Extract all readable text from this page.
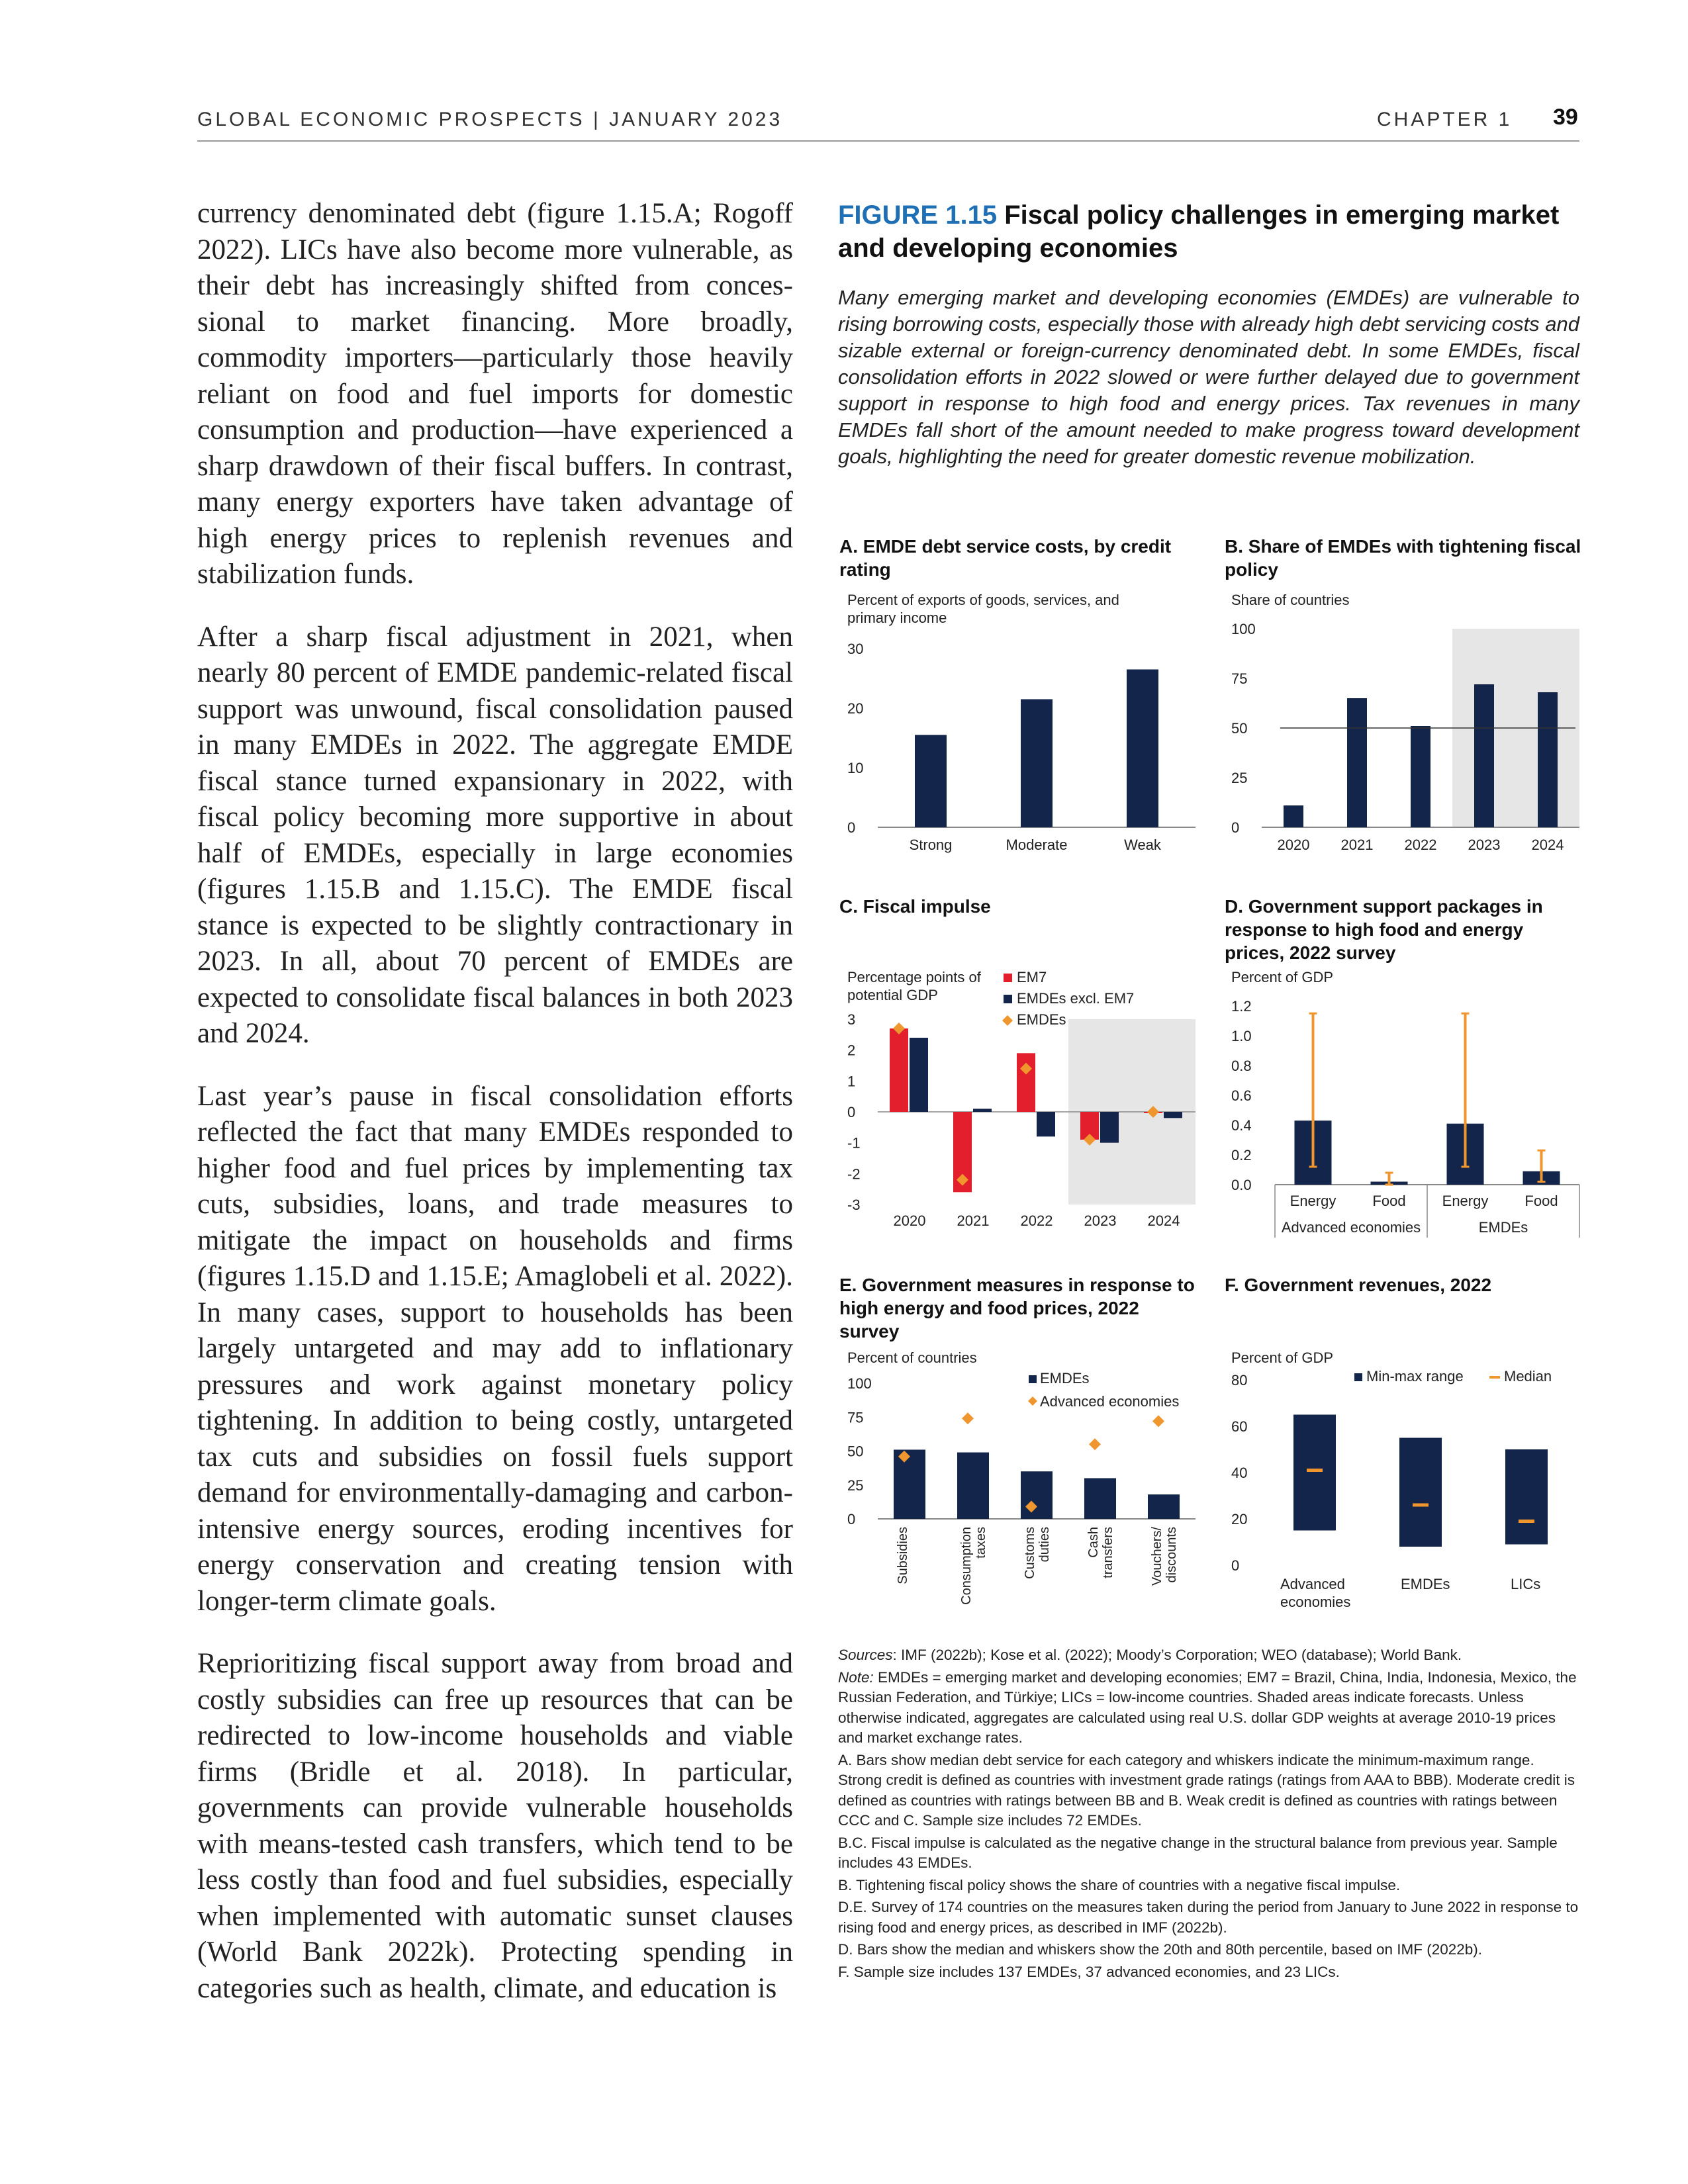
GLOBAL ECONOMIC PROSPECTS | JANUARY 2023	CHAPTER 1 39

currency denominated debt (figure 1.15.A; Rogoff 2022). LICs have also become more vulnerable, as their debt has increasingly shifted from concessional to market financing. More broadly, commodity importers—particularly those heavily reliant on food and fuel imports for domestic consumption and production—have experienced a sharp drawdown of their fiscal buffers. In contrast, many energy exporters have taken advantage of high energy prices to replenish revenues and stabilization funds.

After a sharp fiscal adjustment in 2021, when nearly 80 percent of EMDE pandemic-related fiscal support was unwound, fiscal consolidation paused in many EMDEs in 2022. The aggregate EMDE fiscal stance turned expansionary in 2022, with fiscal policy becoming more supportive in about half of EMDEs, especially in large economies (figures 1.15.B and 1.15.C). The EMDE fiscal stance is expected to be slightly contractionary in 2023. In all, about 70 percent of EMDEs are expected to consolidate fiscal balances in both 2023 and 2024.

Last year’s pause in fiscal consolidation efforts reflected the fact that many EMDEs responded to higher food and fuel prices by implementing tax cuts, subsidies, loans, and trade measures to mitigate the impact on households and firms (figures 1.15.D and 1.15.E; Amaglobeli et al. 2022). In many cases, support to households has been largely untargeted and may add to inflationary pressures and work against monetary policy tightening. In addition to being costly, untargeted tax cuts and subsidies on fossil fuels support demand for environmentally-damaging and carbon-intensive energy sources, eroding incentives for energy conservation and creating tension with longer-term climate goals.

Reprioritizing fiscal support away from broad and costly subsidies can free up resources that can be redirected to low-income households and viable firms (Bridle et al. 2018). In particular, governments can provide vulnerable households with means-tested cash transfers, which tend to be less costly than food and fuel subsidies, especially when implemented with automatic sunset clauses (World Bank 2022k). Protecting spending in categories such as health, climate, and education is

FIGURE 1.15 Fiscal policy challenges in emerging market and developing economies
Many emerging market and developing economies (EMDEs) are vulnerable to rising borrowing costs, especially those with already high debt servicing costs and sizable external or foreign-currency denominated debt. In some EMDEs, fiscal consolidation efforts in 2022 slowed or were further delayed due to government support in response to high food and energy prices. Tax revenues in many EMDEs fall short of the amount needed to make progress toward development goals, highlighting the need for greater domestic revenue mobilization.
A. EMDE debt service costs, by credit rating
B. Share of EMDEs with tightening fiscal policy
C. Fiscal impulse	D. Government support packages in response to high food and energy prices, 2022 survey
E. Government measures in response to high energy and food prices, 2022 survey
F. Government revenues, 2022
Percent of exports of goods, services, and primary income
0
10
20
30
Strong	Moderate	Weak
Share of countries
0
25
50
75
100
2020 2021 2022 2023 2024
Percentage points of potential GDP
-3
-2
-1
0
1
2
3
2020 2021 2022 2023 2024
EM7
EMDEs excl. EM7
EMDEs
Percent of GDP
0.0
0.2
0.4
0.6
0.8
1.0
1.2
Energy	Food	Energy	Food
Advanced economies	EMDEs
Percent of countries
0
25
50
75
100
Subsidies	Consumptiontaxes	Customsduties	Cashtransfers	Vouchers/discounts
EMDEs
Advanced economies
Percent of GDP
0
20
40
60
80
Advanced economies
EMDEs	LICs
Min-max range	Median
Sources: IMF (2022b); Kose et al. (2022); Moody’s Corporation; WEO (database); World Bank.
Note: EMDEs = emerging market and developing economies; EM7 = Brazil, China, India, Indonesia, Mexico, the Russian Federation, and Türkiye; LICs = low-income countries. Shaded areas indicate forecasts. Unless otherwise indicated, aggregates are calculated using real U.S. dollar GDP weights at average 2010-19 prices and market exchange rates.
A. Bars show median debt service for each category and whiskers indicate the minimum-maximum range. Strong credit is defined as countries with investment grade ratings (ratings from AAA to BBB). Moderate credit is defined as countries with ratings between BB and B. Weak credit is defined as countries with ratings between CCC and C. Sample size includes 72 EMDEs.
B.C. Fiscal impulse is calculated as the negative change in the structural balance from previous year. Sample includes 43 EMDEs.
B. Tightening fiscal policy shows the share of countries with a negative fiscal impulse.
D.E. Survey of 174 countries on the measures taken during the period from January to June 2022 in response to rising food and energy prices, as described in IMF (2022b).
D. Bars show the median and whiskers show the 20th and 80th percentile, based on IMF (2022b).
F. Sample size includes 137 EMDEs, 37 advanced economies, and 23 LICs.
